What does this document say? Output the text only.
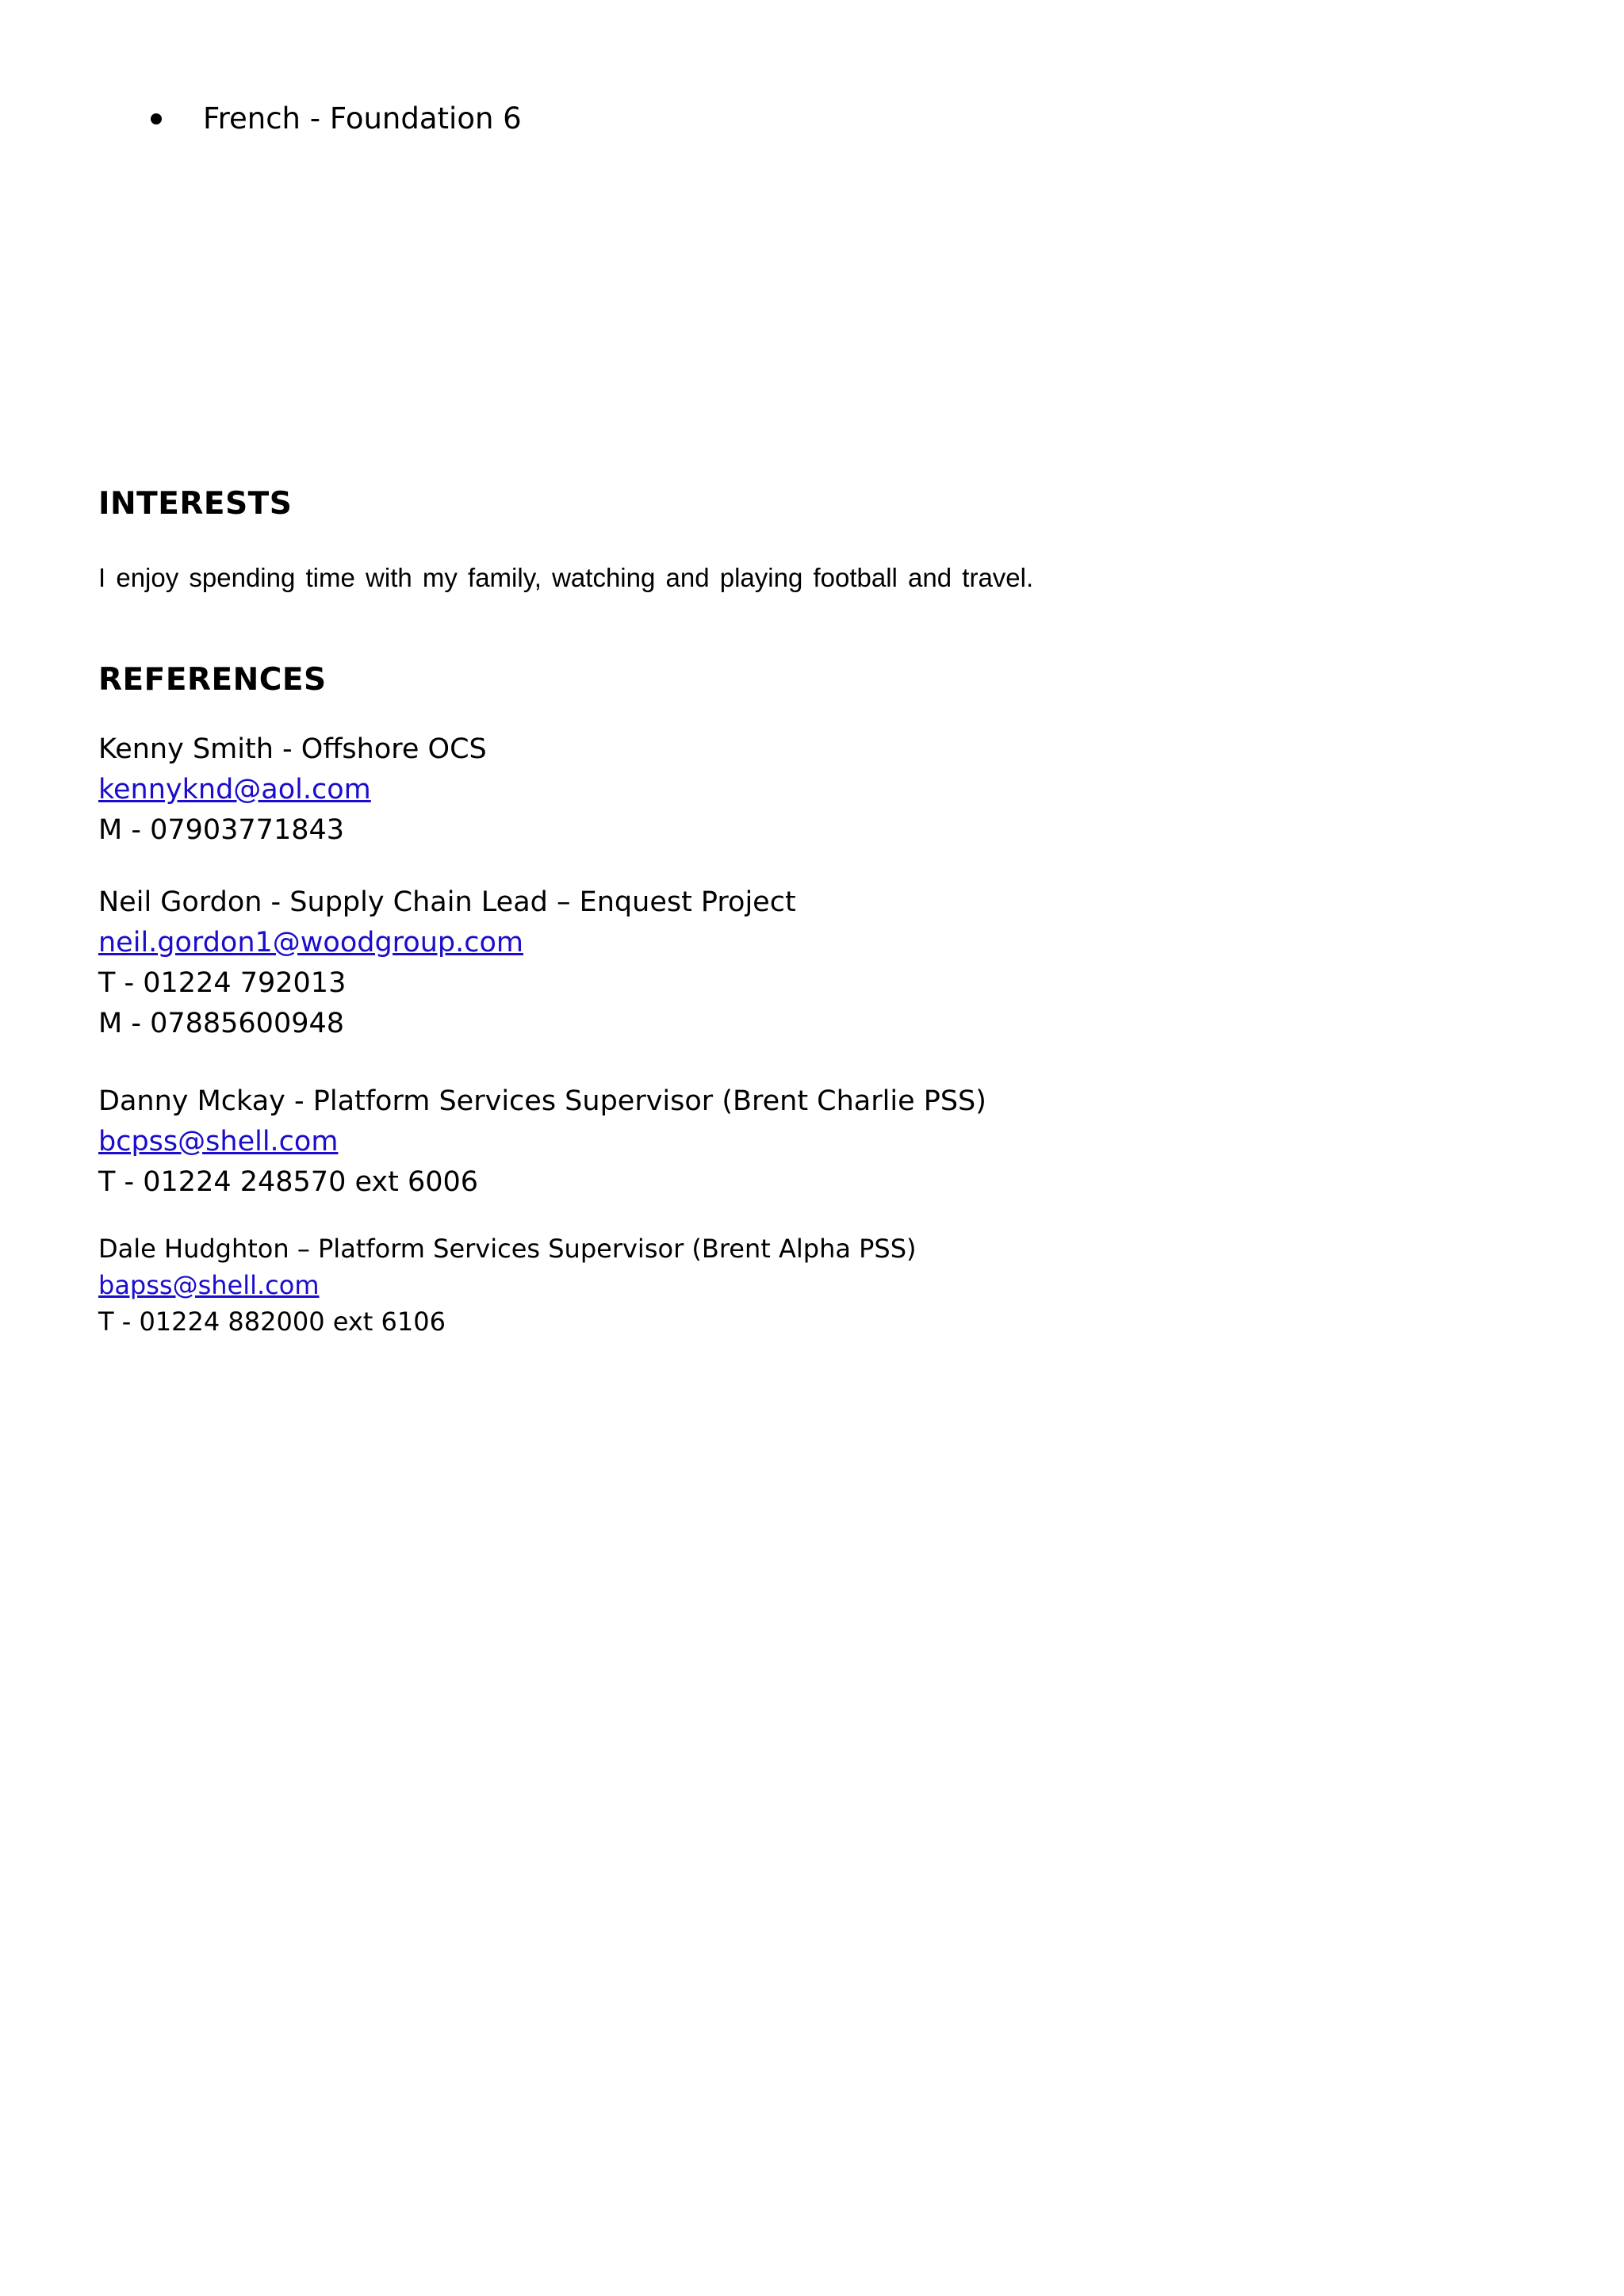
French - Foundation 6
INTERESTS

I enjoy spending time with my family, watching and playing football and travel.

REFERENCES
Kenny Smith - Offshore OCS
kennyknd@aol.com
M - 07903771843
Neil Gordon - Supply Chain Lead – Enquest Project
neil.gordon1@woodgroup.com
T - 01224 792013
M - 07885600948
Danny Mckay - Platform Services Supervisor (Brent Charlie PSS)
bcpss@shell.com
T - 01224 248570 ext 6006
Dale Hudghton – Platform Services Supervisor (Brent Alpha PSS)
bapss@shell.com
T - 01224 882000 ext 6106
